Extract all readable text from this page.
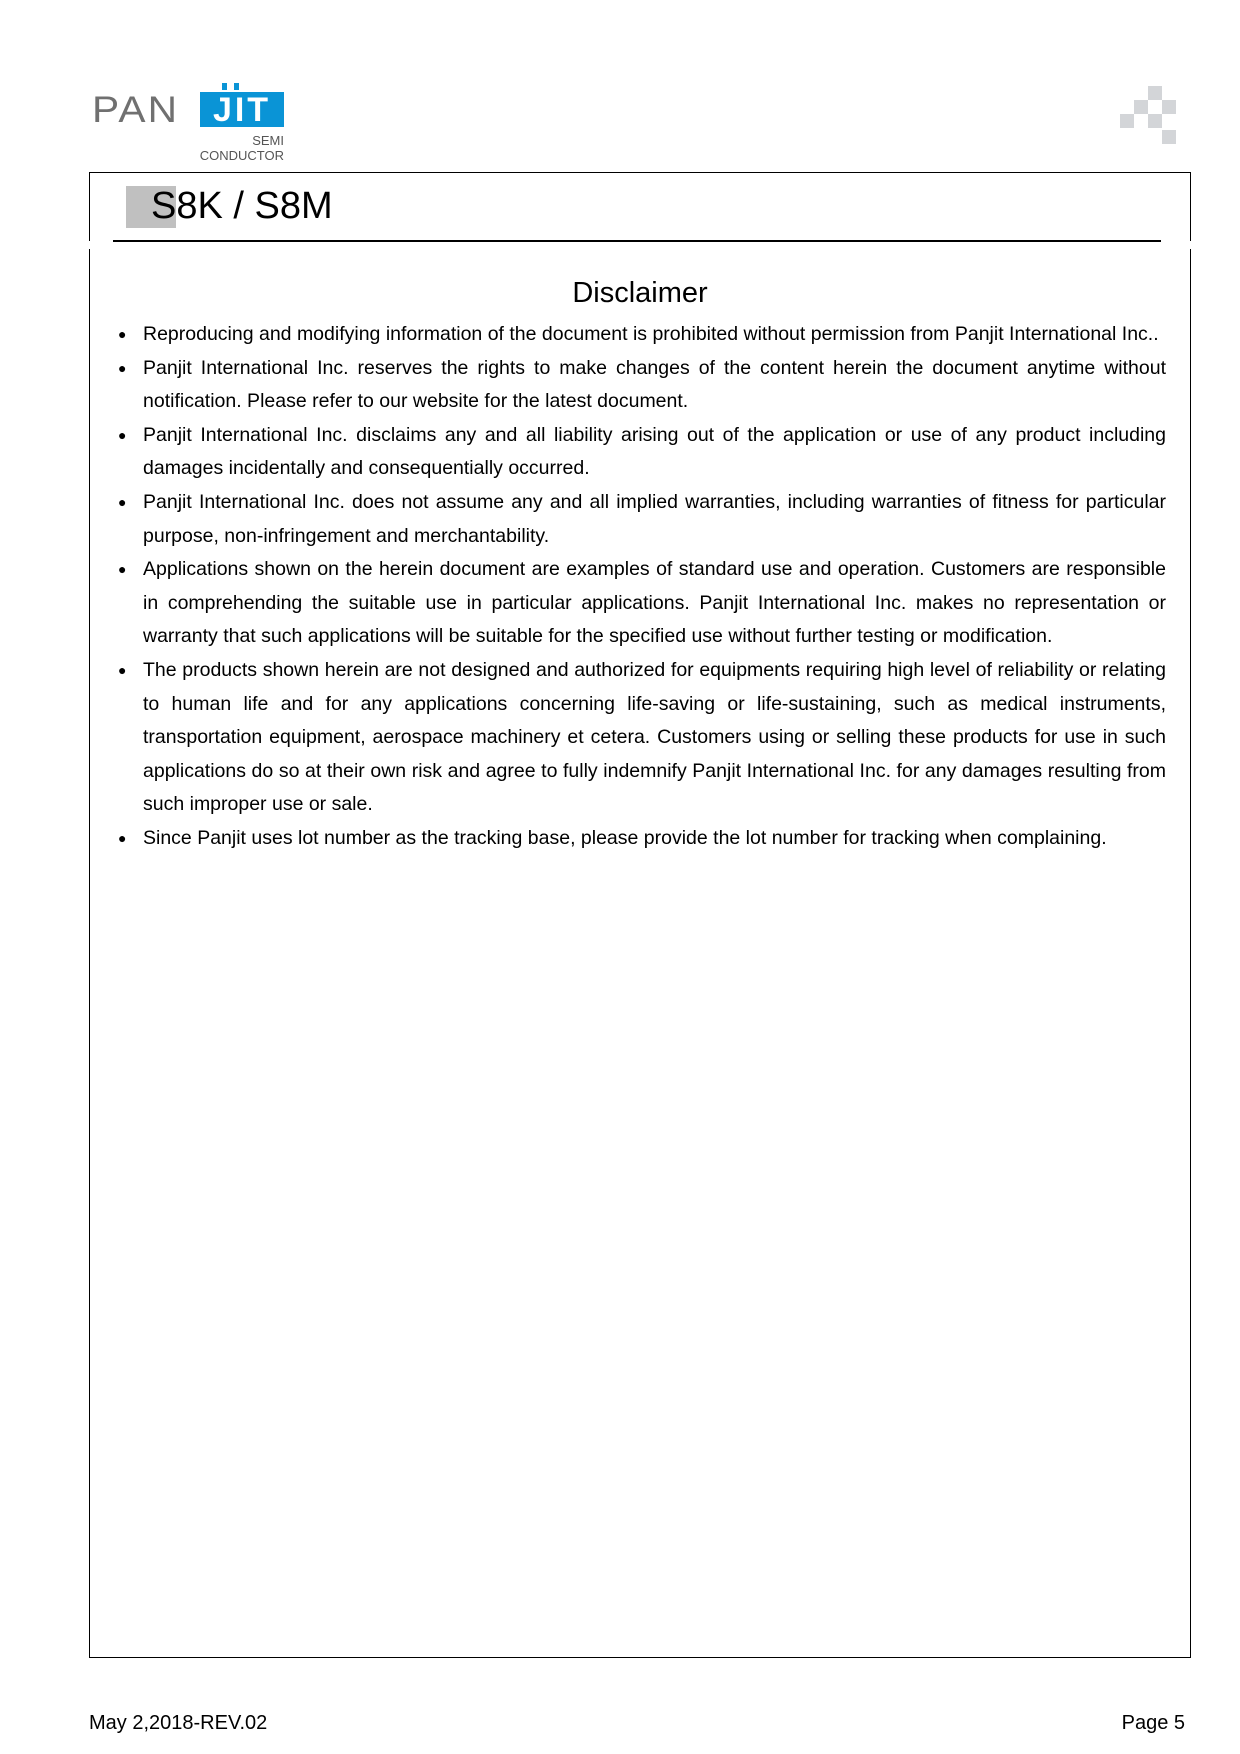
PAN JIT
SEMI
CONDUCTOR
S8K / S8M
Disclaimer
● Reproducing and modifying information of the document is prohibited without permission from Panjit International Inc..
● Panjit International Inc. reserves the rights to make changes of the content herein the document anytime without notification. Please refer to our website for the latest document.
● Panjit International Inc. disclaims any and all liability arising out of the application or use of any product including damages incidentally and consequentially occurred.
● Panjit International Inc. does not assume any and all implied warranties, including warranties of fitness for particular purpose, non-infringement and merchantability.
● Applications shown on the herein document are examples of standard use and operation. Customers are responsible in comprehending the suitable use in particular applications. Panjit International Inc. makes no representation or warranty that such applications will be suitable for the specified use without further testing or modification.
● The products shown herein are not designed and authorized for equipments requiring high level of reliability or relating to human life and for any applications concerning life-saving or life-sustaining, such as medical instruments, transportation equipment, aerospace machinery et cetera. Customers using or selling these products for use in such applications do so at their own risk and agree to fully indemnify Panjit International Inc. for any damages resulting from such improper use or sale.
● Since Panjit uses lot number as the tracking base, please provide the lot number for tracking when complaining.
May 2,2018-REV.02	Page 5
